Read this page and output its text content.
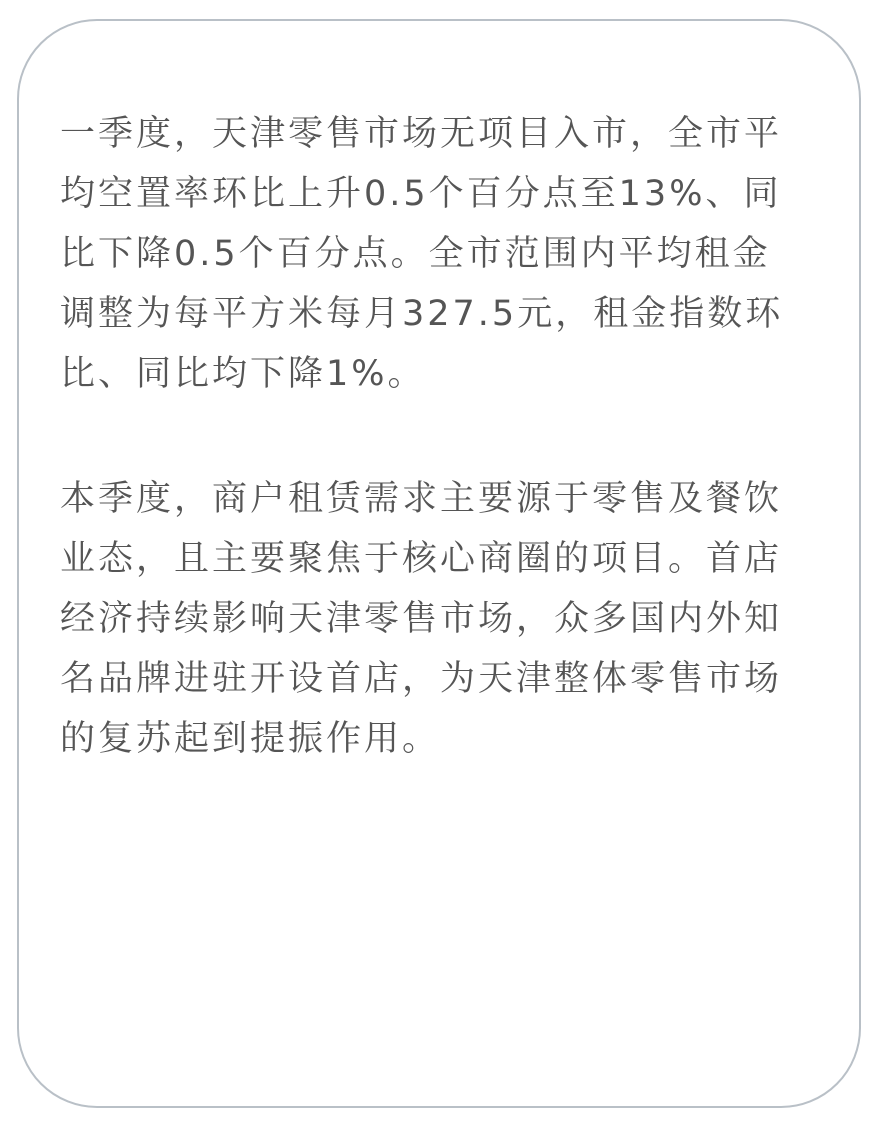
一季度，天津零售市场无项目入市，全市平
均空置率环比上升0.5个百分点至13%、同
比下降0.5个百分点。全市范围内平均租金
调整为每平方米每月327.5元，租金指数环
比、同比均下降1%。
本季度，商户租赁需求主要源于零售及餐饮
业态，且主要聚焦于核心商圈的项目。首店
经济持续影响天津零售市场，众多国内外知
名品牌进驻开设首店，为天津整体零售市场
的复苏起到提振作用。
